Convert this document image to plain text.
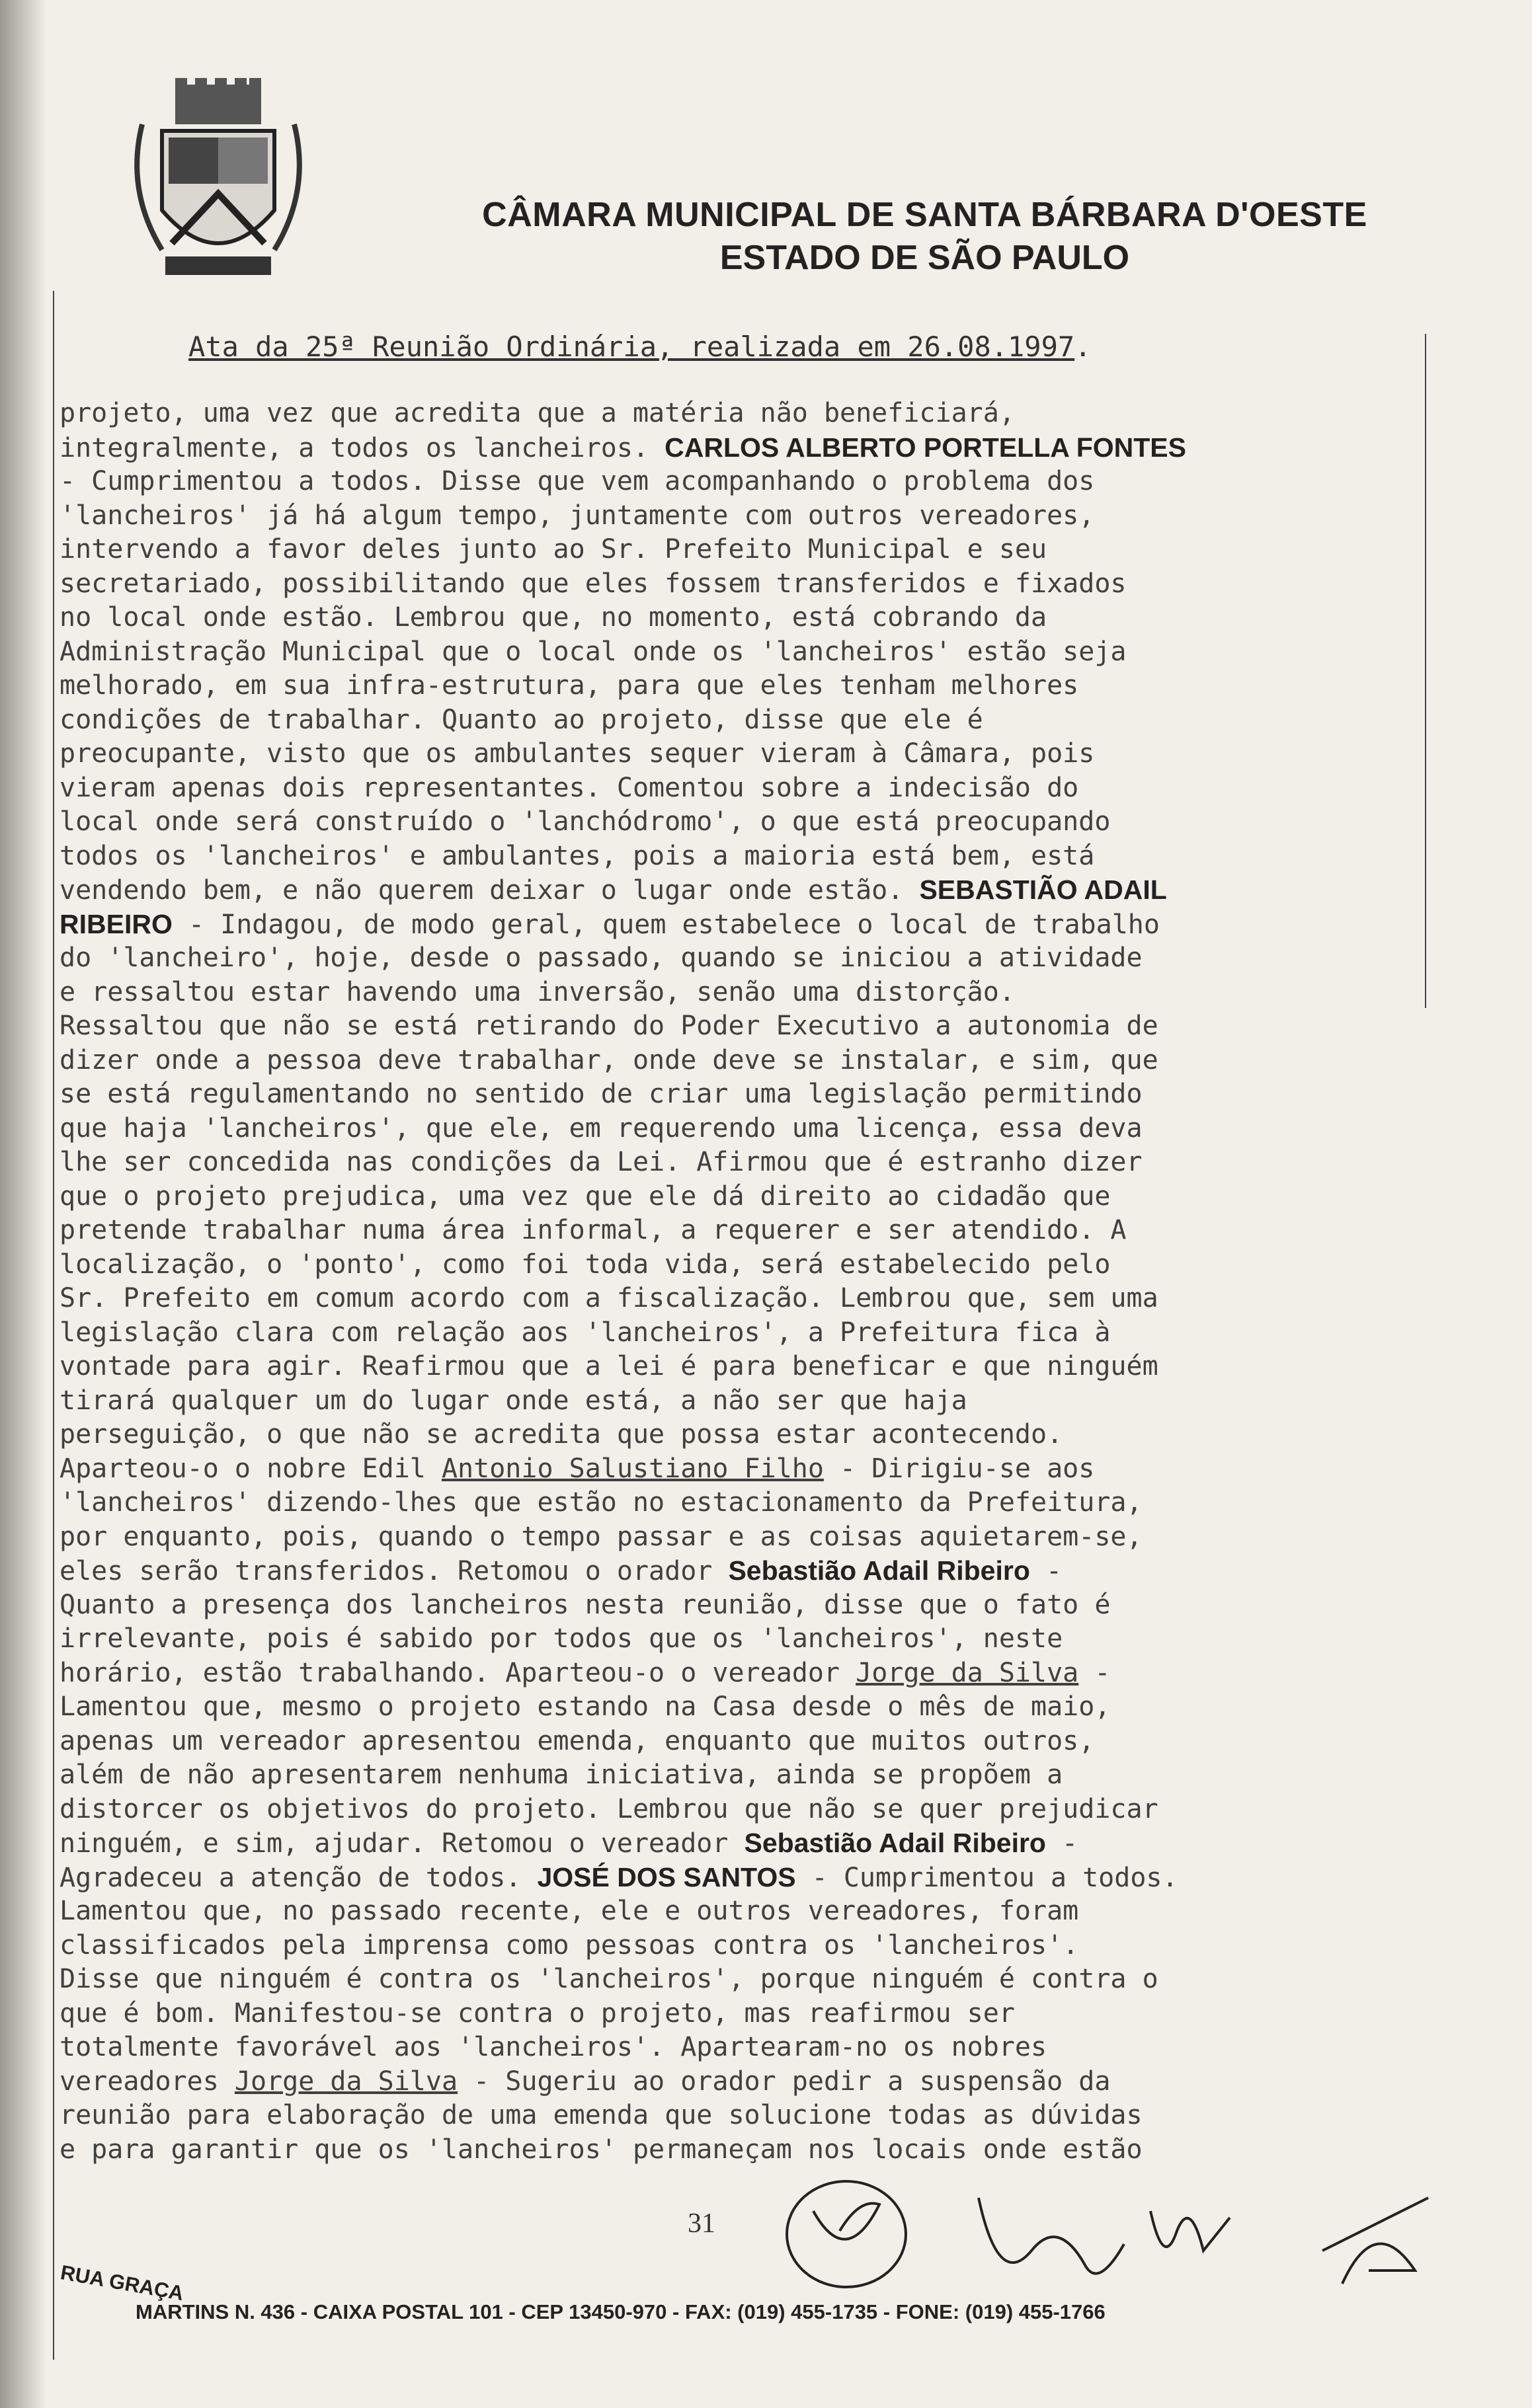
CÂMARA MUNICIPAL DE SANTA BÁRBARA D'OESTE
ESTADO DE SÃO PAULO
Ata da 25ª Reunião Ordinária, realizada em 26.08.1997.
projeto, uma vez que acredita que a matéria não beneficiará,
integralmente, a todos os lancheiros. CARLOS ALBERTO PORTELLA FONTES
- Cumprimentou a todos. Disse que vem acompanhando o problema dos
'lancheiros' já há algum tempo, juntamente com outros vereadores,
intervendo a favor deles junto ao Sr. Prefeito Municipal e seu
secretariado, possibilitando que eles fossem transferidos e fixados
no local onde estão. Lembrou que, no momento, está cobrando da
Administração Municipal que o local onde os 'lancheiros' estão seja
melhorado, em sua infra-estrutura, para que eles tenham melhores
condições de trabalhar. Quanto ao projeto, disse que ele é
preocupante, visto que os ambulantes sequer vieram à Câmara, pois
vieram apenas dois representantes. Comentou sobre a indecisão do
local onde será construído o 'lanchódromo', o que está preocupando
todos os 'lancheiros' e ambulantes, pois a maioria está bem, está
vendendo bem, e não querem deixar o lugar onde estão. SEBASTIÃO ADAIL
RIBEIRO - Indagou, de modo geral, quem estabelece o local de trabalho
do 'lancheiro', hoje, desde o passado, quando se iniciou a atividade
e ressaltou estar havendo uma inversão, senão uma distorção.
Ressaltou que não se está retirando do Poder Executivo a autonomia de
dizer onde a pessoa deve trabalhar, onde deve se instalar, e sim, que
se está regulamentando no sentido de criar uma legislação permitindo
que haja 'lancheiros', que ele, em requerendo uma licença, essa deva
lhe ser concedida nas condições da Lei. Afirmou que é estranho dizer
que o projeto prejudica, uma vez que ele dá direito ao cidadão que
pretende trabalhar numa área informal, a requerer e ser atendido. A
localização, o 'ponto', como foi toda vida, será estabelecido pelo
Sr. Prefeito em comum acordo com a fiscalização. Lembrou que, sem uma
legislação clara com relação aos 'lancheiros', a Prefeitura fica à
vontade para agir. Reafirmou que a lei é para beneficar e que ninguém
tirará qualquer um do lugar onde está, a não ser que haja
perseguição, o que não se acredita que possa estar acontecendo.
Aparteou-o o nobre Edil Antonio Salustiano Filho - Dirigiu-se aos
'lancheiros' dizendo-lhes que estão no estacionamento da Prefeitura,
por enquanto, pois, quando o tempo passar e as coisas aquietarem-se,
eles serão transferidos. Retomou o orador Sebastião Adail Ribeiro -
Quanto a presença dos lancheiros nesta reunião, disse que o fato é
irrelevante, pois é sabido por todos que os 'lancheiros', neste
horário, estão trabalhando. Aparteou-o o vereador Jorge da Silva -
Lamentou que, mesmo o projeto estando na Casa desde o mês de maio,
apenas um vereador apresentou emenda, enquanto que muitos outros,
além de não apresentarem nenhuma iniciativa, ainda se propõem a
distorcer os objetivos do projeto. Lembrou que não se quer prejudicar
ninguém, e sim, ajudar. Retomou o vereador Sebastião Adail Ribeiro -
Agradeceu a atenção de todos. JOSÉ DOS SANTOS - Cumprimentou a todos.
Lamentou que, no passado recente, ele e outros vereadores, foram
classificados pela imprensa como pessoas contra os 'lancheiros'.
Disse que ninguém é contra os 'lancheiros', porque ninguém é contra o
que é bom. Manifestou-se contra o projeto, mas reafirmou ser
totalmente favorável aos 'lancheiros'. Apartearam-no os nobres
vereadores Jorge da Silva - Sugeriu ao orador pedir a suspensão da
reunião para elaboração de uma emenda que solucione todas as dúvidas
e para garantir que os 'lancheiros' permaneçam nos locais onde estão
31
RUA GRAÇA
MARTINS N. 436 - CAIXA POSTAL 101 - CEP 13450-970 - FAX: (019) 455-1735 - FONE: (019) 455-1766
